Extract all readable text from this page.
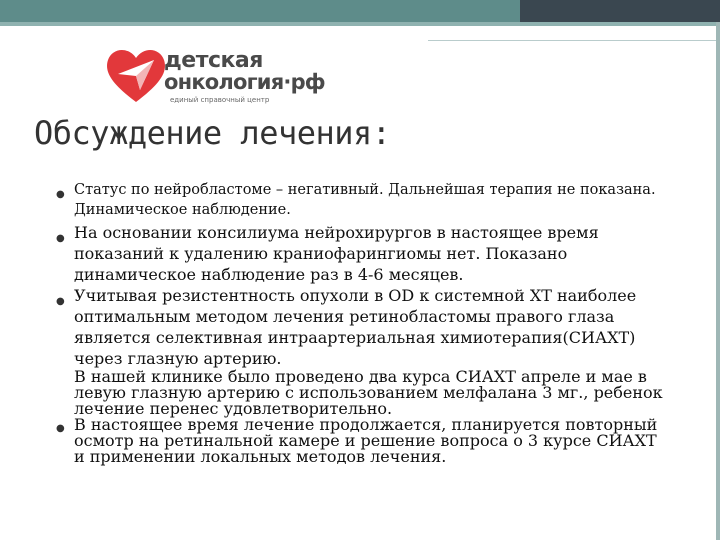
детская
онкология·рф
единый справочный центр
Обсуждение лечения:
● Статус по нейробластоме – негативный. Дальнейшая терапия не показана. Динамическое наблюдение.
● На основании консилиума нейрохирургов в настоящее время показаний к удалению краниофарингиомы нет. Показано динамическое наблюдение раз в 4-6 месяцев.
● Учитывая резистентность опухоли в OD к системной ХТ наиболее оптимальным методом лечения ретинобластомы правого глаза является селективная интраартериальная химиотерапия(СИАХТ) через глазную артерию.
В нашей клинике было проведено два курса СИАХТ апреле и мае в левую глазную артерию с использованием мелфалана 3 мг., ребенок лечение перенес удовлетворительно.
● В настоящее время лечение продолжается, планируется повторный осмотр на ретинальной камере и решение вопроса о 3 курсе СИАХТ и применении локальных методов лечения.
